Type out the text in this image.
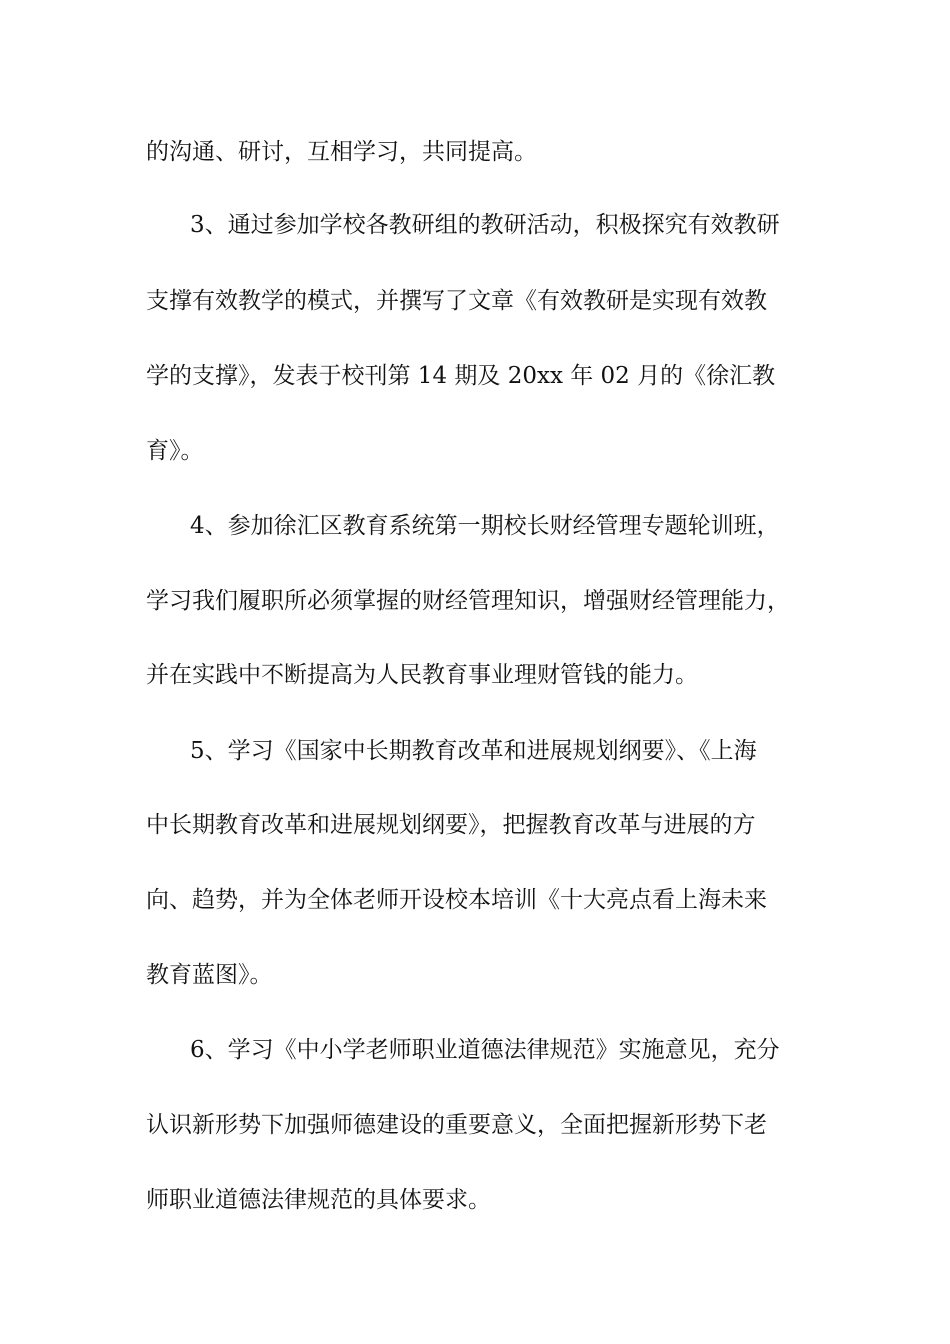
的沟通、研讨，互相学习，共同提高。
3、通过参加学校各教研组的教研活动，积极探究有效教研
支撑有效教学的模式，并撰写了文章《有效教研是实现有效教
学的支撑》，发表于校刊第 14 期及 20xx 年 02 月的《徐汇教
育》。
4、参加徐汇区教育系统第一期校长财经管理专题轮训班，
学习我们履职所必须掌握的财经管理知识，增强财经管理能力，
并在实践中不断提高为人民教育事业理财管钱的能力。
5、学习《国家中长期教育改革和进展规划纲要》、《上海
中长期教育改革和进展规划纲要》，把握教育改革与进展的方
向、趋势，并为全体老师开设校本培训《十大亮点看上海未来
教育蓝图》。
6、学习《中小学老师职业道德法律规范》实施意见，充分
认识新形势下加强师德建设的重要意义，全面把握新形势下老
师职业道德法律规范的具体要求。
